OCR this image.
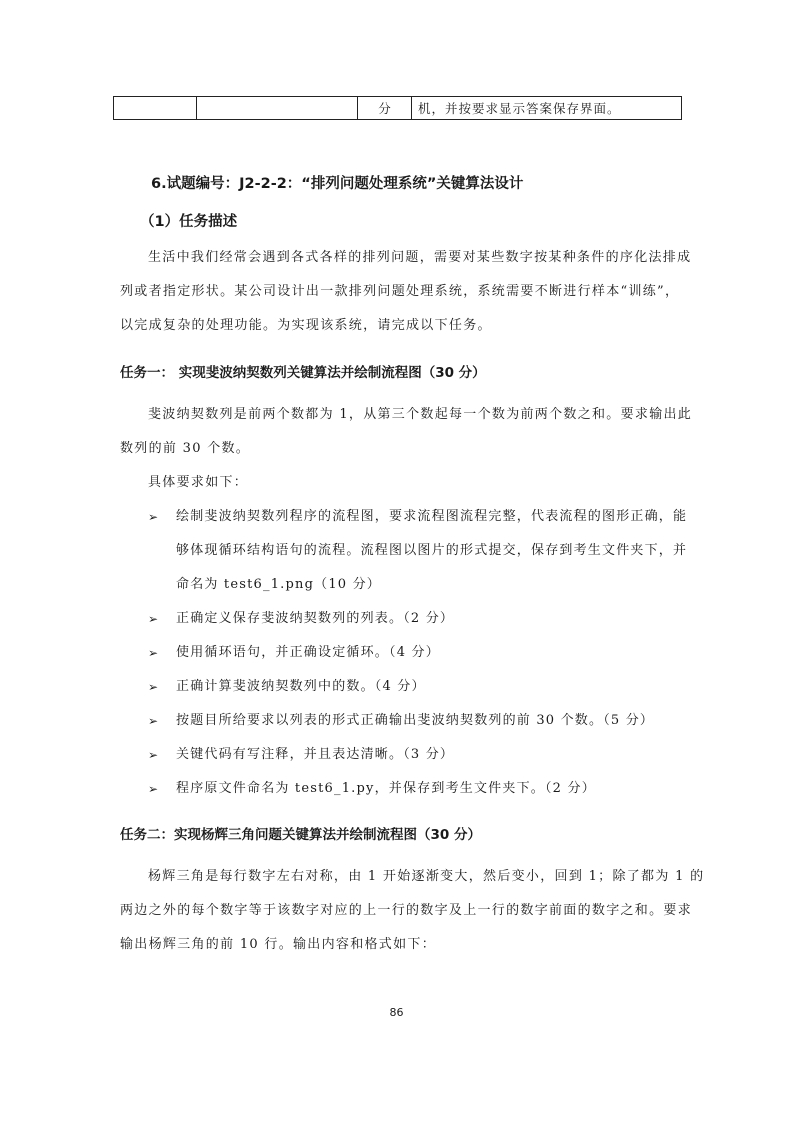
		分	机，并按要求显示答案保存界面。
6.试题编号：J2-2-2：“排列问题处理系统”关键算法设计
（1）任务描述
生活中我们经常会遇到各式各样的排列问题，需要对某些数字按某种条件的序化法排成
列或者指定形状。某公司设计出一款排列问题处理系统，系统需要不断进行样本“训练”，
以完成复杂的处理功能。为实现该系统，请完成以下任务。
任务一： 实现斐波纳契数列关键算法并绘制流程图（30 分）
斐波纳契数列是前两个数都为 1，从第三个数起每一个数为前两个数之和。要求输出此
数列的前 30 个数。
具体要求如下：
➢ 绘制斐波纳契数列程序的流程图，要求流程图流程完整，代表流程的图形正确，能
够体现循环结构语句的流程。流程图以图片的形式提交，保存到考生文件夹下，并
命名为 test6_1.png（10 分）
➢ 正确定义保存斐波纳契数列的列表。（2 分）
➢ 使用循环语句，并正确设定循环。（4 分）
➢ 正确计算斐波纳契数列中的数。（4 分）
➢ 按题目所给要求以列表的形式正确输出斐波纳契数列的前 30 个数。（5 分）
➢ 关键代码有写注释，并且表达清晰。（3 分）
➢ 程序原文件命名为 test6_1.py，并保存到考生文件夹下。（2 分）
任务二：实现杨辉三角问题关键算法并绘制流程图（30 分）
杨辉三角是每行数字左右对称，由 1 开始逐渐变大，然后变小，回到 1；除了都为 1 的
两边之外的每个数字等于该数字对应的上一行的数字及上一行的数字前面的数字之和。要求
输出杨辉三角的前 10 行。输出内容和格式如下：
86
